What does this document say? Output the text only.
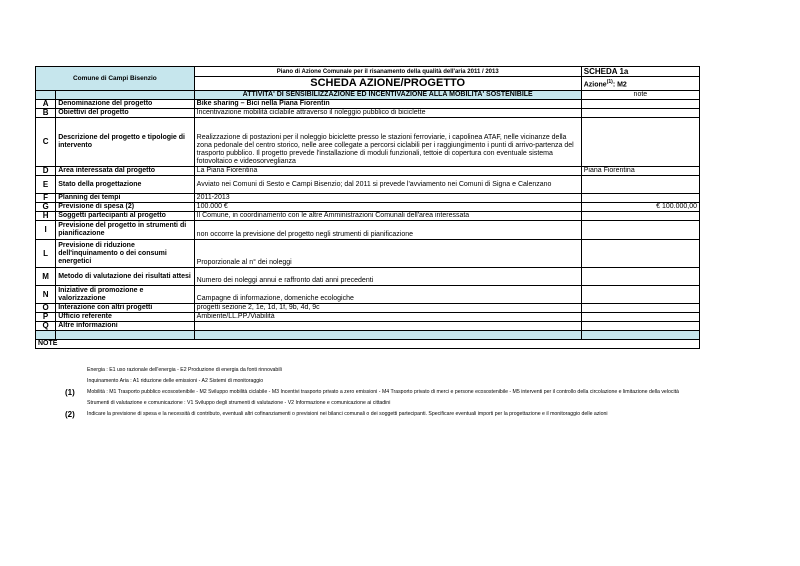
Comune di Campi Bisenzio		Piano di Azione Comunale per il risanamento della qualità dell'aria 2011 / 2013	SCHEDA 1a
		SCHEDA AZIONE/PROGETTO	Azione$^{(1)}$: M2
		ATTIVITA' DI SENSIBILIZZAZIONE ED INCENTIVAZIONE ALLA MOBILITA' SOSTENIBILE	note
A	Denominazione del progetto	Bike sharing – Bici nella Piana Fiorentin	
B	Obiettivi del progetto	Incentivazione mobilità ciclabile attraverso il noleggio pubblico di biciclette	
C	Descrizione del progetto e tipologie di intervento	Realizzazione di postazioni per il noleggio biciclette presso le stazioni ferroviarie, i capolinea ATAF, nelle vicinanze della zona pedonale del centro storico, nelle aree collegate a percorsi ciclabili per i raggiungimento i punti di arrivo-partenza del trasporto pubblico. Il progetto prevede l'installazione di moduli funzionali, tettoie di copertura con eventuale sistema fotovoltaico e videosorveglianza	
D	Area interessata dal progetto	La Piana Fiorentina	Piana Fiorentina
E	Stato della progettazione	Avviato nei Comuni di Sesto e Campi Bisenzio; dal 2011 si prevede l'avviamento nei Comuni di Signa e Calenzano	
F	Planning dei tempi	2011-2013	
G	Previsione di spesa (2)	100.000 €	€ 100.000,00
H	Soggetti partecipanti al progetto	Il Comune, in coordinamento con le altre Amministrazioni Comunali dell'area interessata	
I	Previsione del progetto in strumenti di pianificazione	non occorre la previsione del progetto negli strumenti di pianificazione	
L	Previsione di riduzione dell'inquinamento o dei consumi energetici	Proporzionale al n° dei noleggi	
M	Metodo di valutazione dei risultati attesi	Numero dei noleggi annui e raffronto dati anni precedenti	
N	Iniziative di promozione e valorizzazione	Campagne di informazione, domeniche ecologiche	
O	Interazione con altri progetti	progetti sezione 2, 1e, 1d, 1f, 9b, 4d, 9c	
P	Ufficio referente	Ambiente/LL.PP./Viabilità	
Q	Altre informazioni		

NOTE			

Energia : E1 uso razionale dell'energia - E2 Produzione di energia da fonti rinnovabili

Inquinamento Aria : A1 riduzione delle emissioni - A2 Sistemi di monitoraggio

(1) Mobilità : M1 Trasporto pubblico ecosostenibile - M2 Sviluppo mobilità ciclabile - M3 Incentivi trasporto privato a zero emissioni - M4 Trasporto privato di merci e persone ecosostenibile - M5 interventi per il controllo della circolazione e limitazione della velocità

Strumenti di valutazione e comunicazione : V1 Sviluppo degli strumenti di valutazione - V2 Informazione e comunicazione ai cittadini

(2) Indicare la previsione di spesa e la necessità di contributo, eventuali altri cofinanziamenti o previsioni nei bilanci comunali o dei soggetti partecipanti. Specificare eventuali importi per la progettazione e il monitoraggio delle azioni
